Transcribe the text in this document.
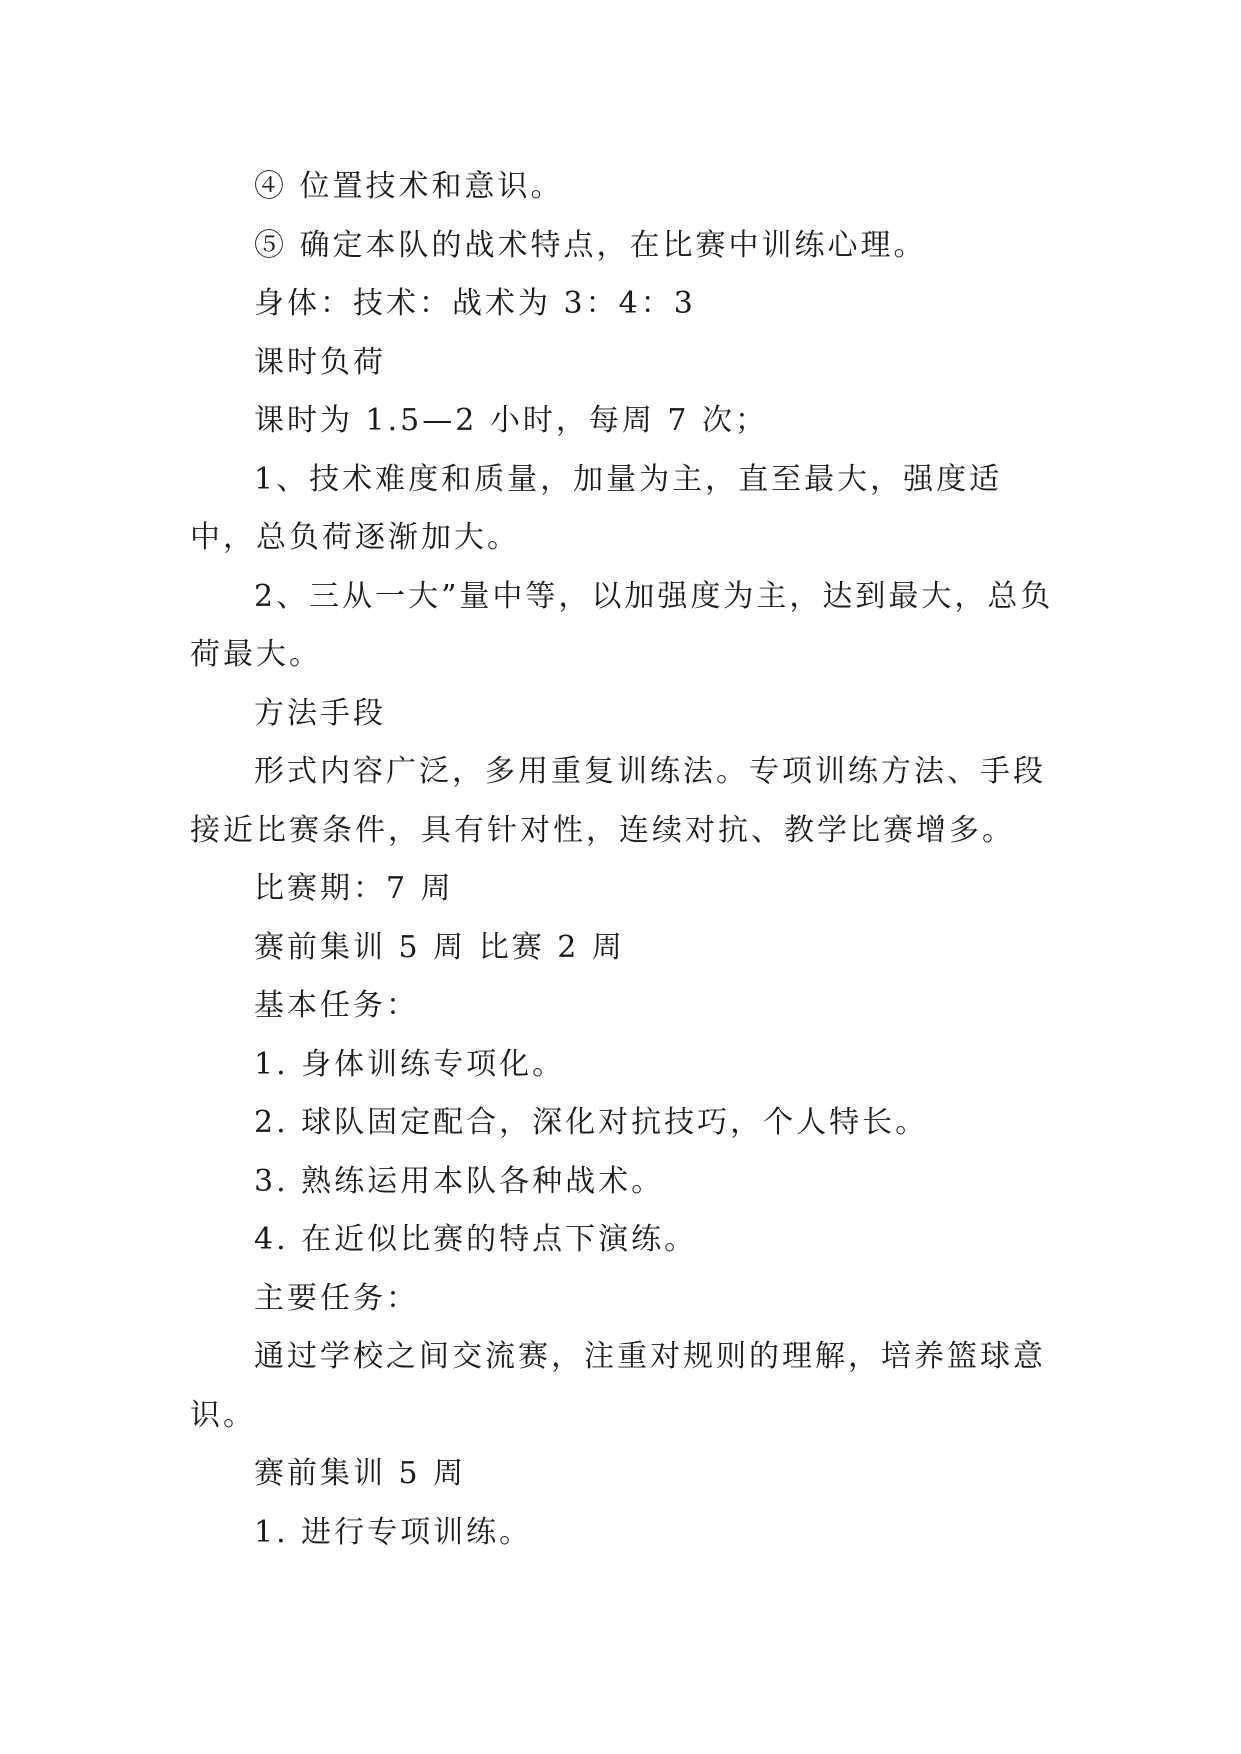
④ 位置技术和意识。

⑤ 确定本队的战术特点，在比赛中训练心理。

身体：技术：战术为 3：4：3

课时负荷

课时为 1.5—2 小时，每周 7 次；

1、技术难度和质量，加量为主，直至最大，强度适中，总负荷逐渐加大。

2、三从一大”量中等，以加强度为主，达到最大，总负荷最大。

方法手段

形式内容广泛，多用重复训练法。专项训练方法、手段接近比赛条件，具有针对性，连续对抗、教学比赛增多。

比赛期：7 周

赛前集训 5 周 比赛 2 周

基本任务：

1. 身体训练专项化。

2. 球队固定配合，深化对抗技巧，个人特长。

3. 熟练运用本队各种战术。

4. 在近似比赛的特点下演练。

主要任务：

通过学校之间交流赛，注重对规则的理解，培养篮球意识。

赛前集训 5 周

1. 进行专项训练。
